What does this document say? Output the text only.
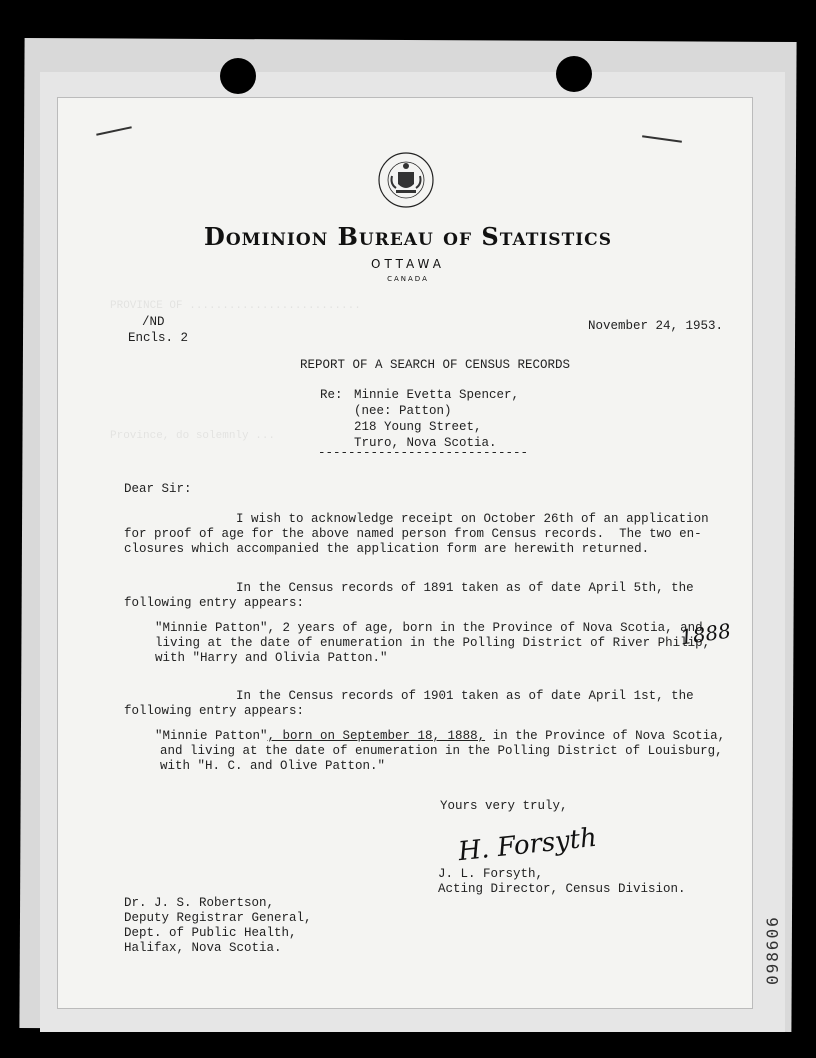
PROVINCE OF ..........................
Province, do solemnly ...
Dominion Bureau of Statistics
OTTAWA
CANADA
/ND
Encls. 2
November 24, 1953.
REPORT OF A SEARCH OF CENSUS RECORDS
Re: Minnie Evetta Spencer,
(nee: Patton)
218 Young Street,
Truro, Nova Scotia.
----------------------------
Dear Sir:
I wish to acknowledge receipt on October 26th of an application
for proof of age for the above named person from Census records.  The two en-
closures which accompanied the application form are herewith returned.
In the Census records of 1891 taken as of date April 5th, the
following entry appears:
"Minnie Patton", 2 years of age, born in the Province of Nova Scotia, and
living at the date of enumeration in the Polling District of River Philip,
with "Harry and Olivia Patton."
1888
In the Census records of 1901 taken as of date April 1st, the
following entry appears:
"Minnie Patton", born on September 18, 1888, in the Province of Nova Scotia,
and living at the date of enumeration in the Polling District of Louisburg,
with "H. C. and Olive Patton."
Yours very truly,
H. Forsyth
J. L. Forsyth,
Acting Director, Census Division.
Dr. J. S. Robertson,
Deputy Registrar General,
Dept. of Public Health,
Halifax, Nova Scotia.	098606
